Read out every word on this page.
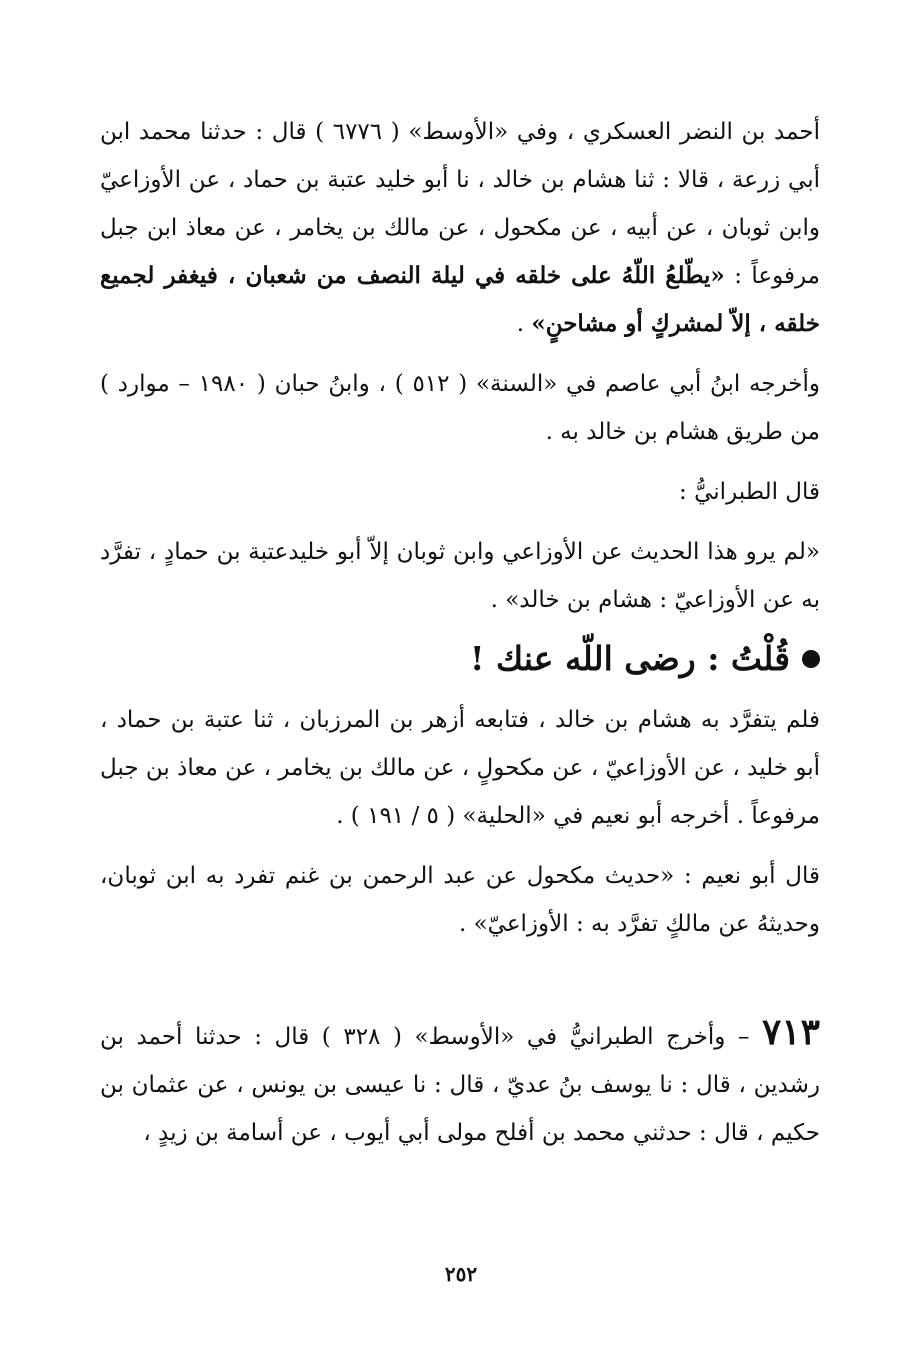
أحمد بن النضر العسكري ، وفي «الأوسط» ( ٦٧٧٦ ) قال : حدثنا محمد ابن أبي زرعة ، قالا : ثنا هشام بن خالد ، نا أبو خليد عتبة بن حماد ، عن الأوزاعيّ وابن ثوبان ، عن أبيه ، عن مكحول ، عن مالك بن يخامر ، عن معاذ ابن جبل مرفوعاً : «يطّلعُ اللّهُ على خلقه في ليلة النصف من شعبان ، فيغفر لجميع خلقه ، إلاّ لمشركٍ أو مشاحنٍ» .

وأخرجه ابنُ أبي عاصم في «السنة» ( ٥١٢ ) ، وابنُ حبان ( ١٩٨٠ – موارد ) من طريق هشام بن خالد به .

قال الطبرانيُّ :

«لم يرو هذا الحديث عن الأوزاعي وابن ثوبان إلاّ أبو خليدعتبة بن حمادٍ ، تفرَّد به عن الأوزاعيّ : هشام بن خالد» .

قُلْتُ : رضى اللّه عنك !

فلم يتفرَّد به هشام بن خالد ، فتابعه أزهر بن المرزبان ، ثنا عتبة بن حماد ، أبو خليد ، عن الأوزاعيّ ، عن مكحولٍ ، عن مالك بن يخامر ، عن معاذ بن جبل مرفوعاً . أخرجه أبو نعيم في «الحلية» ( ٥ / ١٩١ ) .

قال أبو نعيم : «حديث مكحول عن عبد الرحمن بن غنم تفرد به ابن ثوبان، وحديثهُ عن مالكٍ تفرَّد به : الأوزاعيّ» .

٧١٣ – وأخرج الطبرانيُّ في «الأوسط» ( ٣٢٨ ) قال : حدثنا أحمد بن رشدين ، قال : نا يوسف بنُ عديّ ، قال : نا عيسى بن يونس ، عن عثمان بن حكيم ، قال : حدثني محمد بن أفلح مولى أبي أيوب ، عن أسامة بن زيدٍ ،

٢٥٢
